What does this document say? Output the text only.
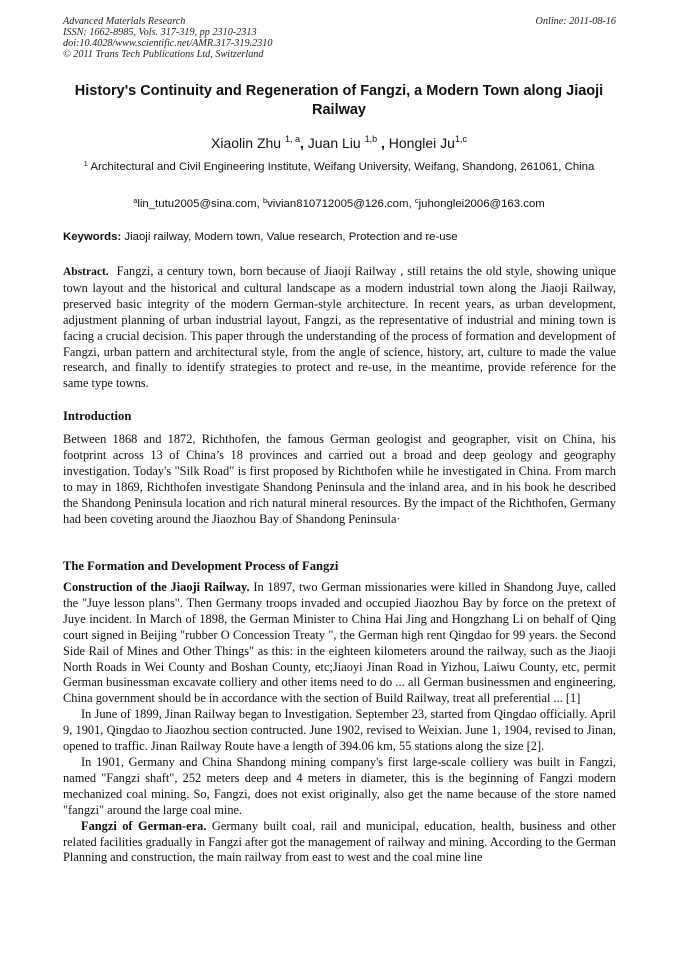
Advanced Materials Research
ISSN: 1662-8985, Vols. 317-319, pp 2310-2313
doi:10.4028/www.scientific.net/AMR.317-319.2310
© 2011 Trans Tech Publications Ltd, Switzerland
Online: 2011-08-16
History's Continuity and Regeneration of Fangzi, a Modern Town along Jiaoji Railway
Xiaolin Zhu $^{1, a}$, Juan Liu $^{1,b}$ , Honglei Ju$^{1,c}$
$^1$ Architectural and Civil Engineering Institute, Weifang University, Weifang, Shandong, 261061, China
$^a$lin_tutu2005@sina.com, $^b$vivian810712005@126.com, $^c$juhonglei2006@163.com
Keywords: Jiaoji railway, Modern town, Value research, Protection and re-use

Abstract. Fangzi, a century town, born because of Jiaoji Railway , still retains the old style, showing unique town layout and the historical and cultural landscape as a modern industrial town along the Jiaoji Railway, preserved basic integrity of the modern German-style architecture. In recent years, as urban development, adjustment planning of urban industrial layout, Fangzi, as the representative of industrial and mining town is facing a crucial decision. This paper through the understanding of the process of formation and development of Fangzi, urban pattern and architectural style, from the angle of science, history, art, culture to made the value research, and finally to identify strategies to protect and re-use, in the meantime, provide reference for the same type towns.

Introduction

Between 1868 and 1872, Richthofen, the famous German geologist and geographer, visit on China, his footprint across 13 of China’s 18 provinces and carried out a broad and deep geology and geography investigation. Today's "Silk Road" is first proposed by Richthofen while he investigated in China. From march to may in 1869, Richthofen investigate Shandong Peninsula and the inland area, and in his book he described the Shandong Peninsula location and rich natural mineral resources. By the impact of the Richthofen, Germany had been coveting around the Jiaozhou Bay of Shandong Peninsula·

The Formation and Development Process of Fangzi

Construction of the Jiaoji Railway. In 1897, two German missionaries were killed in Shandong Juye, called the "Juye lesson plans". Then Germany troops invaded and occupied Jiaozhou Bay by force on the pretext of Juye incident. In March of 1898, the German Minister to China Hai Jing and Hongzhang Li on behalf of Qing court signed in Beijing "rubber O Concession Treaty ", the German high rent Qingdao for 99 years. the Second Side Rail of Mines and Other Things" as this: in the eighteen kilometers around the railway, such as the Jiaoji North Roads in Wei County and Boshan County, etc;Jiaoyi Jinan Road in Yizhou, Laiwu County, etc, permit German businessman excavate colliery and other items need to do ... all German businessmen and engineering, China government should be in accordance with the section of Build Railway, treat all preferential ... [1]

In June of 1899, Jinan Railway began to Investigation. September 23, started from Qingdao officially. April 9, 1901, Qingdao to Jiaozhou section contructed. June 1902, revised to Weixian. June 1, 1904, revised to Jinan, opened to traffic. Jinan Railway Route have a length of 394.06 km, 55 stations along the size [2].

In 1901, Germany and China Shandong mining company's first large-scale colliery was built in Fangzi, named "Fangzi shaft", 252 meters deep and 4 meters in diameter, this is the beginning of Fangzi modern mechanized coal mining. So, Fangzi, does not exist originally, also get the name because of the store named "fangzi" around the large coal mine.

Fangzi of German-era. Germany built coal, rail and municipal, education, health, business and other related facilities gradually in Fangzi after got the management of railway and mining. According to the German Planning and construction, the main railway from east to west and the coal mine line
